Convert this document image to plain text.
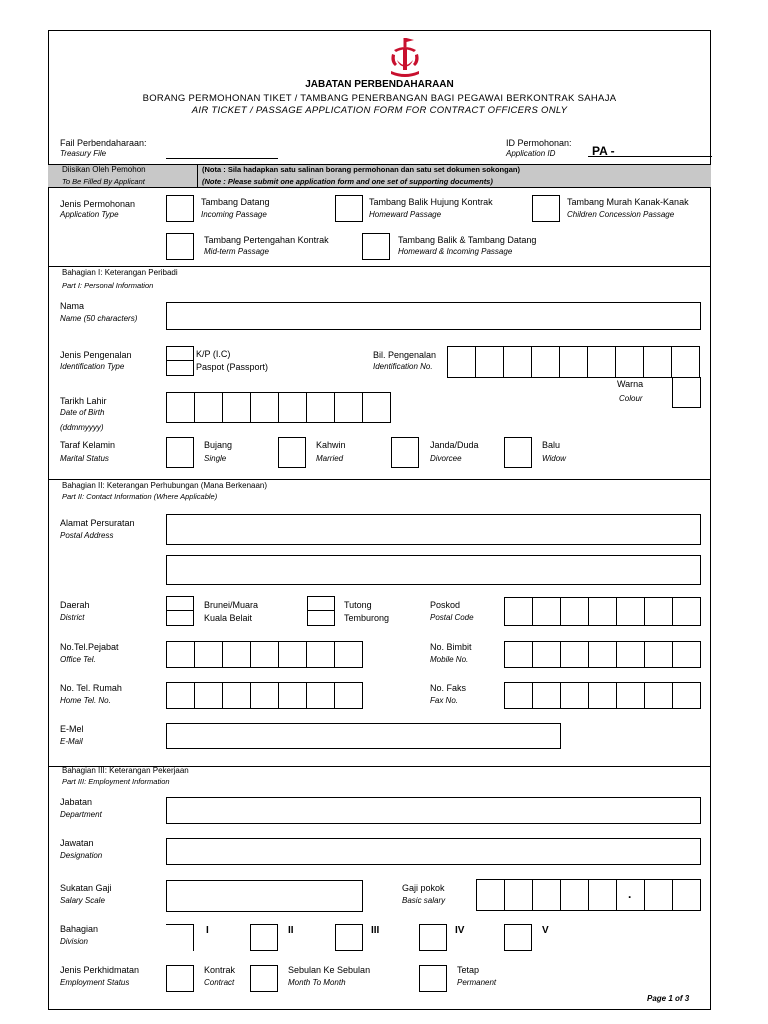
JABATAN PERBENDAHARAAN
BORANG PERMOHONAN TIKET / TAMBANG PENERBANGAN BAGI PEGAWAI BERKONTRAK SAHAJA
AIR TICKET / PASSAGE APPLICATION FORM FOR CONTRACT OFFICERS ONLY
Fail Perbendaharaan:
Treasury File
ID Permohonan:
Application ID	PA -
Diisikan Oleh Pemohon
To Be Filled By Applicant
(Nota : Sila hadapkan satu salinan borang permohonan dan satu set dokumen sokongan)
(Note : Please submit one application form and one set of supporting documents)
Jenis Permohonan
Application Type
Tambang Datang
Incoming Passage
Tambang Balik Hujung Kontrak
Homeward Passage
Tambang Murah Kanak-Kanak
Children Concession Passage
Tambang Pertengahan Kontrak
Mid-term Passage
Tambang Balik & Tambang Datang
Homeward & Incoming Passage
Bahagian I: Keterangan Peribadi
Part I: Personal Information
Nama
Name (50 characters)
Jenis Pengenalan
Identification Type
K/P (I.C)
Paspot (Passport)
Bil. Pengenalan
Identification No.
Warna
Colour
Tarikh Lahir
Date of Birth
(ddmmyyyy)
Taraf Kelamin
Marital Status
Bujang
Single
Kahwin
Married
Janda/Duda
Divorcee
Balu
Widow
Bahagian II: Keterangan Perhubungan (Mana Berkenaan)
Part II: Contact Information (Where Applicable)
Alamat Persuratan
Postal Address
Daerah
District
Brunei/Muara
Kuala Belait
Tutong
Temburong
Poskod
Postal Code
No.Tel.Pejabat
Office Tel.
No. Bimbit
Mobile No.
No. Tel. Rumah
Home Tel. No.
No. Faks
Fax No.
E-Mel
E-Mail
Bahagian III: Keterangan Pekerjaan
Part III: Employment Information
Jabatan
Department
Jawatan
Designation
Sukatan Gaji
Salary Scale
Gaji pokok
Basic salary	.
Bahagian
Division
I	II	III	IV	V
Jenis Perkhidmatan
Employment Status
Kontrak
Contract
Sebulan Ke Sebulan
Month To Month
Tetap
Permanent
Page 1 of 3
